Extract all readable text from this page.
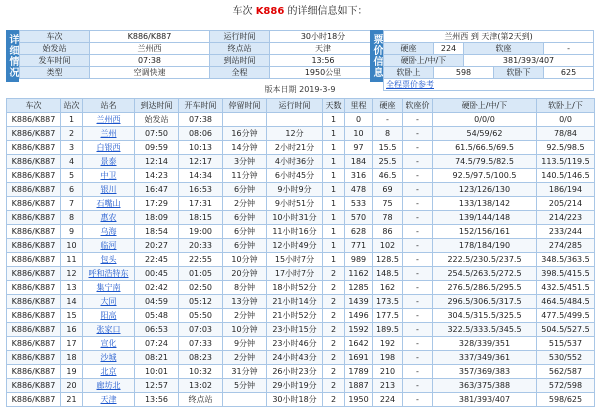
车次 K886 的详细信息如下：
详细情况	车次	K886/K887	运行时间	30小时18分
始发站	兰州西	终点站	天津
发车时间	07:38	到站时间	13:56
类型	空调快速	全程	1950公里	票价信息	兰州西 到 天津(第2天到)				
硬座	224	软座		-
硬卧上/中/下		381/393/407		
软卧上	598		软卧下	625
全程票价参考				
版本日期 2019-3-9
车次	站次	站名	到达时间	开车时间	停留时间	运行时间	天数	里程	硬座	软座价	硬卧上/中/下	软卧上/下
K886/K887	1	兰州西	始发站	07:38			1	0	-	-	0/0/0	0/0
K886/K887	2	兰州	07:50	08:06	16分钟	12分	1	10	8	-	54/59/62	78/84
K886/K887	3	白银西	09:59	10:13	14分钟	2小时21分	1	97	15.5	-	61.5/66.5/69.5	92.5/98.5
K886/K887	4	景泰	12:14	12:17	3分钟	4小时36分	1	184	25.5	-	74.5/79.5/82.5	113.5/119.5
K886/K887	5	中卫	14:23	14:34	11分钟	6小时45分	1	316	46.5	-	92.5/97.5/100.5	140.5/146.5
K886/K887	6	银川	16:47	16:53	6分钟	9小时9分	1	478	69	-	123/126/130	186/194
K886/K887	7	石嘴山	17:29	17:31	2分钟	9小时51分	1	533	75	-	133/138/142	205/214
K886/K887	8	惠农	18:09	18:15	6分钟	10小时31分	1	570	78	-	139/144/148	214/223
K886/K887	9	乌海	18:54	19:00	6分钟	11小时16分	1	628	86	-	152/156/161	233/244
K886/K887	10	临河	20:27	20:33	6分钟	12小时49分	1	771	102	-	178/184/190	274/285
K886/K887	11	包头	22:45	22:55	10分钟	15小时7分	1	989	128.5	-	222.5/230.5/237.5	348.5/363.5
K886/K887	12	呼和浩特东	00:45	01:05	20分钟	17小时7分	2	1162	148.5	-	254.5/263.5/272.5	398.5/415.5
K886/K887	13	集宁南	02:42	02:50	8分钟	18小时52分	2	1285	162	-	276.5/286.5/295.5	432.5/451.5
K886/K887	14	大同	04:59	05:12	13分钟	21小时14分	2	1439	173.5	-	296.5/306.5/317.5	464.5/484.5
K886/K887	15	阳高	05:48	05:50	2分钟	21小时52分	2	1496	177.5	-	304.5/315.5/325.5	477.5/499.5
K886/K887	16	张家口	06:53	07:03	10分钟	23小时15分	2	1592	189.5	-	322.5/333.5/345.5	504.5/527.5
K886/K887	17	宣化	07:24	07:33	9分钟	23小时46分	2	1642	192	-	328/339/351	515/537
K886/K887	18	沙城	08:21	08:23	2分钟	24小时43分	2	1691	198	-	337/349/361	530/552
K886/K887	19	北京	10:01	10:32	31分钟	26小时23分	2	1789	210	-	357/369/383	562/587
K886/K887	20	廊坊北	12:57	13:02	5分钟	29小时19分	2	1887	213	-	363/375/388	572/598
K886/K887	21	天津	13:56	终点站		30小时18分	2	1950	224	-	381/393/407	598/625
